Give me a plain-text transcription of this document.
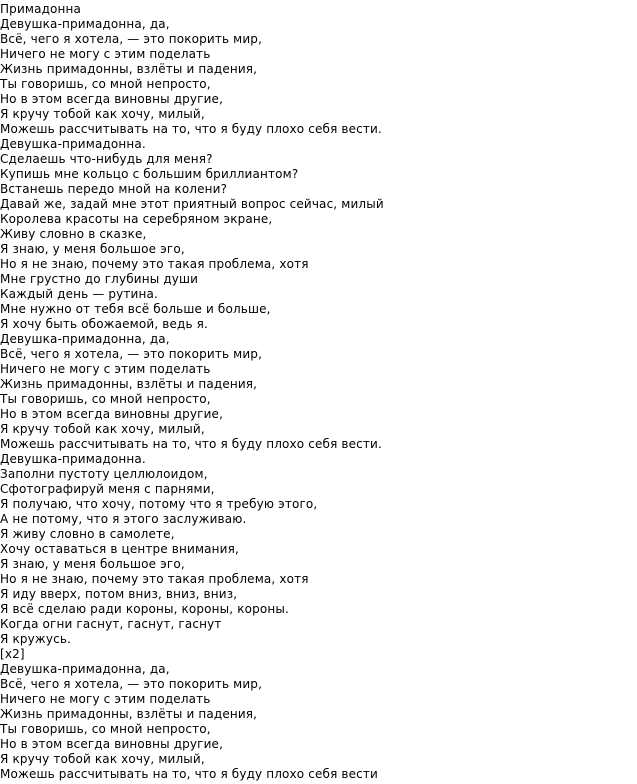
Примадонна
Девушка-примадонна, да,
Всё, чего я хотела, — это покорить мир,
Ничего не могу с этим поделать
Жизнь примадонны, взлёты и падения,
Ты говоришь, со мной непросто,
Но в этом всегда виновны другие,
Я кручу тобой как хочу, милый,
Можешь рассчитывать на то, что я буду плохо себя вести.
Девушка-примадонна.
Сделаешь что-нибудь для меня?
Купишь мне кольцо с большим бриллиантом?
Встанешь передо мной на колени?
Давай же, задай мне этот приятный вопрос сейчас, милый
Королева красоты на серебряном экране,
Живу словно в сказке,
Я знаю, у меня большое эго,
Но я не знаю, почему это такая проблема, хотя
Мне грустно до глубины души
Каждый день — рутина.
Мне нужно от тебя всё больше и больше,
Я хочу быть обожаемой, ведь я.
Девушка-примадонна, да,
Всё, чего я хотела, — это покорить мир,
Ничего не могу с этим поделать
Жизнь примадонны, взлёты и падения,
Ты говоришь, со мной непросто,
Но в этом всегда виновны другие,
Я кручу тобой как хочу, милый,
Можешь рассчитывать на то, что я буду плохо себя вести.
Девушка-примадонна.
Заполни пустоту целлюлоидом,
Сфотографируй меня с парнями,
Я получаю, что хочу, потому что я требую этого,
А не потому, что я этого заслуживаю.
Я живу словно в самолете,
Хочу оставаться в центре внимания,
Я знаю, у меня большое эго,
Но я не знаю, почему это такая проблема, хотя
Я иду вверх, потом вниз, вниз, вниз,
Я всё сделаю ради короны, короны, короны.
Когда огни гаснут, гаснут, гаснут
Я кружусь.
[x2]
Девушка-примадонна, да,
Всё, чего я хотела, — это покорить мир,
Ничего не могу с этим поделать
Жизнь примадонны, взлёты и падения,
Ты говоришь, со мной непросто,
Но в этом всегда виновны другие,
Я кручу тобой как хочу, милый,
Можешь рассчитывать на то, что я буду плохо себя вести
